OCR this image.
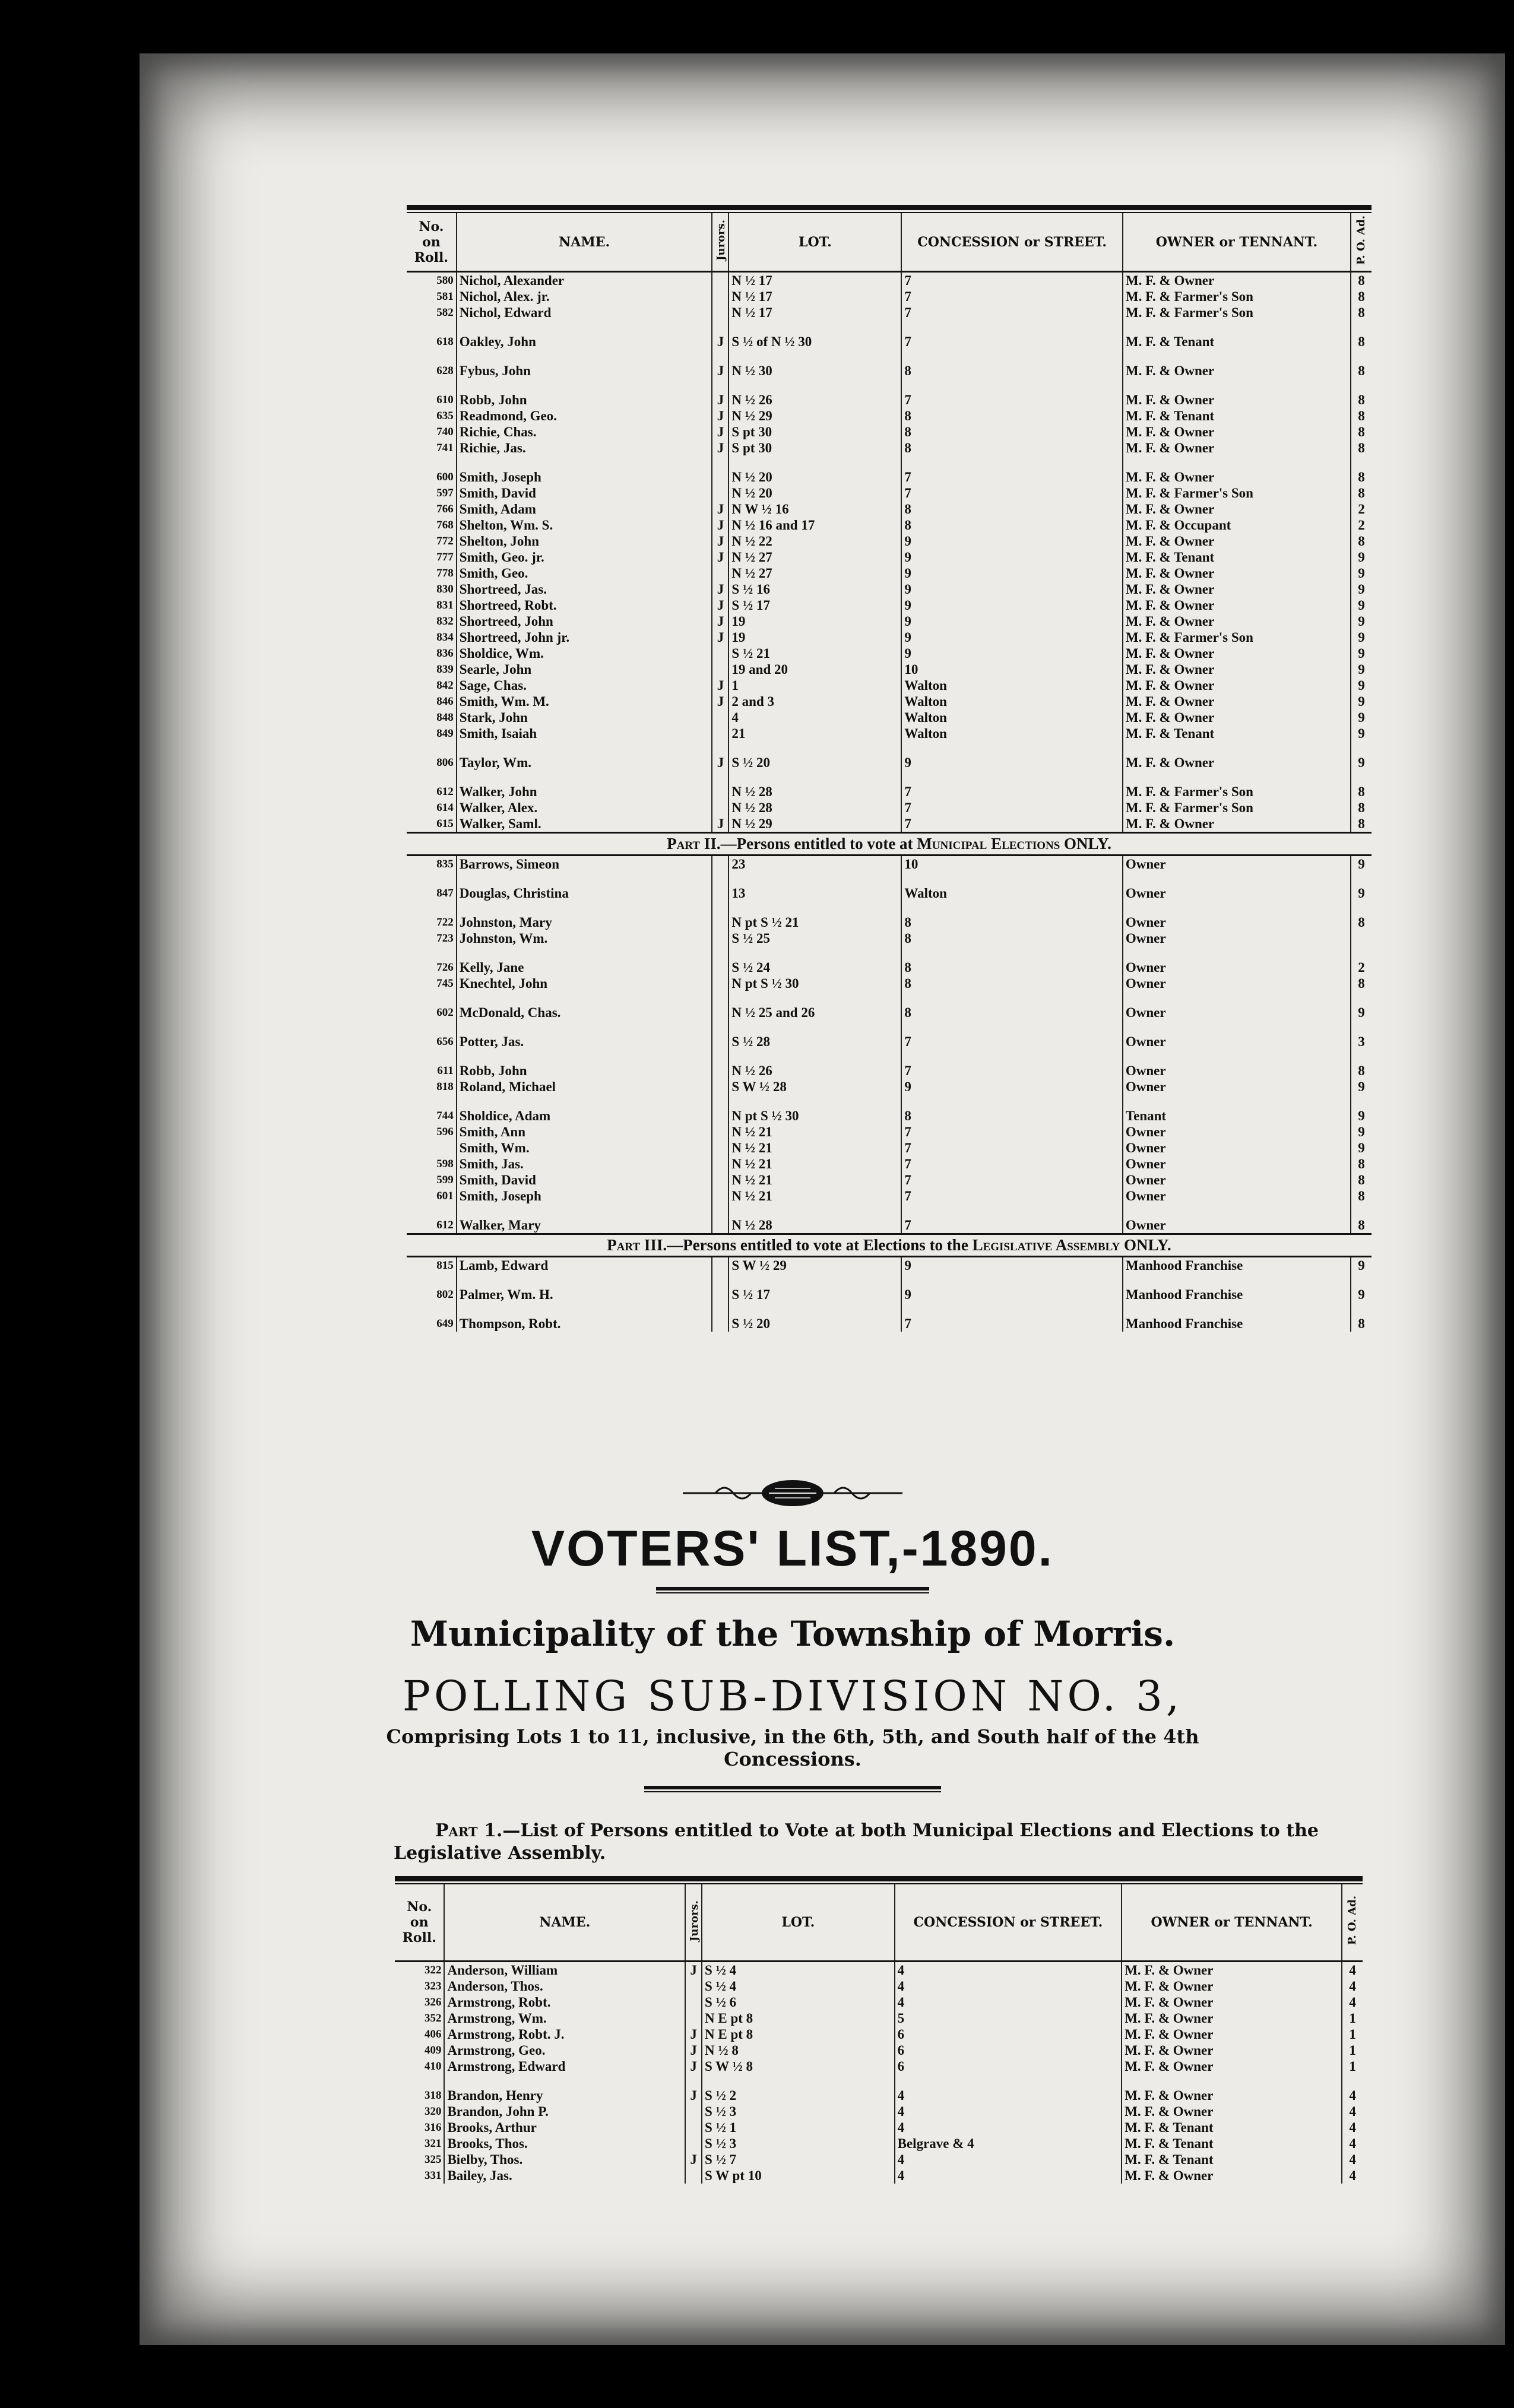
No. on Roll.	NAME.	Jurors.	LOT.	CONCESSION or STREET.	OWNER or TENNANT.	P. O. Ad.
580	Nichol, Alexander		N ½ 17	7	M. F. & Owner	8
581	Nichol, Alex. jr.		N ½ 17	7	M. F. & Farmer's Son	8
582	Nichol, Edward		N ½ 17	7	M. F. & Farmer's Son	8

618	Oakley, John	J	S ½ of N ½ 30	7	M. F. & Tenant	8

628	Fybus, John	J	N ½ 30	8	M. F. & Owner	8

610	Robb, John	J	N ½ 26	7	M. F. & Owner	8
635	Readmond, Geo.	J	N ½ 29	8	M. F. & Tenant	8
740	Richie, Chas.	J	S pt 30	8	M. F. & Owner	8
741	Richie, Jas.	J	S pt 30	8	M. F. & Owner	8

600	Smith, Joseph		N ½ 20	7	M. F. & Owner	8
597	Smith, David		N ½ 20	7	M. F. & Farmer's Son	8
766	Smith, Adam	J	N W ½ 16	8	M. F. & Owner	2
768	Shelton, Wm. S.	J	N ½ 16 and 17	8	M. F. & Occupant	2
772	Shelton, John	J	N ½ 22	9	M. F. & Owner	8
777	Smith, Geo. jr.	J	N ½ 27	9	M. F. & Tenant	9
778	Smith, Geo.		N ½ 27	9	M. F. & Owner	9
830	Shortreed, Jas.	J	S ½ 16	9	M. F. & Owner	9
831	Shortreed, Robt.	J	S ½ 17	9	M. F. & Owner	9
832	Shortreed, John	J	19	9	M. F. & Owner	9
834	Shortreed, John jr.	J	19	9	M. F. & Farmer's Son	9
836	Sholdice, Wm.		S ½ 21	9	M. F. & Owner	9
839	Searle, John		19 and 20	10	M. F. & Owner	9
842	Sage, Chas.	J	1	Walton	M. F. & Owner	9
846	Smith, Wm. M.	J	2 and 3	Walton	M. F. & Owner	9
848	Stark, John		4	Walton	M. F. & Owner	9
849	Smith, Isaiah		21	Walton	M. F. & Tenant	9

806	Taylor, Wm.	J	S ½ 20	9	M. F. & Owner	9

612	Walker, John		N ½ 28	7	M. F. & Farmer's Son	8
614	Walker, Alex.		N ½ 28	7	M. F. & Farmer's Son	8
615	Walker, Saml.	J	N ½ 29	7	M. F. & Owner	8
Part II.—Persons entitled to vote at Municipal Elections ONLY.
835	Barrows, Simeon		23	10	Owner	9

847	Douglas, Christina		13	Walton	Owner	9

722	Johnston, Mary		N pt S ½ 21	8	Owner	8
723	Johnston, Wm.		S ½ 25	8	Owner	

726	Kelly, Jane		S ½ 24	8	Owner	2
745	Knechtel, John		N pt S ½ 30	8	Owner	8

602	McDonald, Chas.		N ½ 25 and 26	8	Owner	9

656	Potter, Jas.		S ½ 28	7	Owner	3

611	Robb, John		N ½ 26	7	Owner	8
818	Roland, Michael		S W ½ 28	9	Owner	9

744	Sholdice, Adam		N pt S ½ 30	8	Tenant	9
596	Smith, Ann		N ½ 21	7	Owner	9
	Smith, Wm.		N ½ 21	7	Owner	9
598	Smith, Jas.		N ½ 21	7	Owner	8
599	Smith, David		N ½ 21	7	Owner	8
601	Smith, Joseph		N ½ 21	7	Owner	8

612	Walker, Mary		N ½ 28	7	Owner	8
Part III.—Persons entitled to vote at Elections to the Legislative Assembly ONLY.
815	Lamb, Edward		S W ½ 29	9	Manhood Franchise	9

802	Palmer, Wm. H.		S ½ 17	9	Manhood Franchise	9

649	Thompson, Robt.		S ½ 20	7	Manhood Franchise	8
VOTERS' LIST,-1890.
Municipality of the Township of Morris.
POLLING SUB-DIVISION NO. 3,
Comprising Lots 1 to 11, inclusive, in the 6th, 5th, and South half of the 4th Concessions.
Part 1.—List of Persons entitled to Vote at both Municipal Elections and Elections to the Legislative Assembly.
No. on Roll.	NAME.	Jurors.	LOT.	CONCESSION or STREET.	OWNER or TENNANT.	P. O. Ad.
322	Anderson, William	J	S ½ 4	4	M. F. & Owner	4
323	Anderson, Thos.		S ½ 4	4	M. F. & Owner	4
326	Armstrong, Robt.		S ½ 6	4	M. F. & Owner	4
352	Armstrong, Wm.		N E pt 8	5	M. F. & Owner	1
406	Armstrong, Robt. J.	J	N E pt 8	6	M. F. & Owner	1
409	Armstrong, Geo.	J	N ½ 8	6	M. F. & Owner	1
410	Armstrong, Edward	J	S W ½ 8	6	M. F. & Owner	1

318	Brandon, Henry	J	S ½ 2	4	M. F. & Owner	4
320	Brandon, John P.		S ½ 3	4	M. F. & Owner	4
316	Brooks, Arthur		S ½ 1	4	M. F. & Tenant	4
321	Brooks, Thos.		S ½ 3	Belgrave & 4	M. F. & Tenant	4
325	Bielby, Thos.	J	S ½ 7	4	M. F. & Tenant	4
331	Bailey, Jas.		S W pt 10	4	M. F. & Owner	4
